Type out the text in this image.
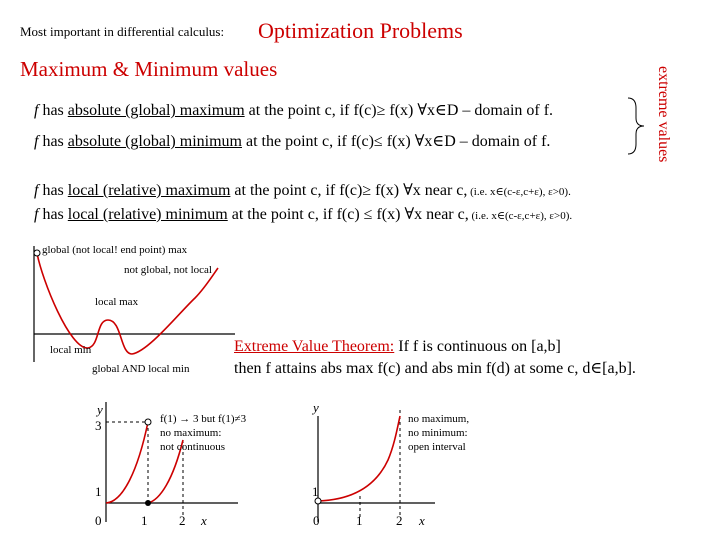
Most important in differential calculus: Optimization Problems
Maximum & Minimum values	extreme values
f has absolute (global) maximum at the point c, if f(c)≥ f(x) ∀x∈D – domain of f.
f has absolute (global) minimum at the point c, if f(c)≤ f(x) ∀x∈D – domain of f.
f has local (relative) maximum at the point c, if f(c)≥ f(x) ∀x near c, (i.e. x∈(c-ε,c+ε), ε>0).
f has local (relative) minimum at the point c, if f(c) ≤ f(x) ∀x near c, (i.e. x∈(c-ε,c+ε), ε>0).
global (not local! end point) max
not global, not local
local max
local min
global AND local min
Extreme Value Theorem: If f is continuous on [a,b]
then f attains abs max f(c) and abs min f(d) at some c, d∈[a,b].
y
3
1
0	1 2 x
f(1) → 3 but f(1)≠3
no maximum:
not continuous
y
1
0	1	2 x
no maximum,
no minimum:
open interval
